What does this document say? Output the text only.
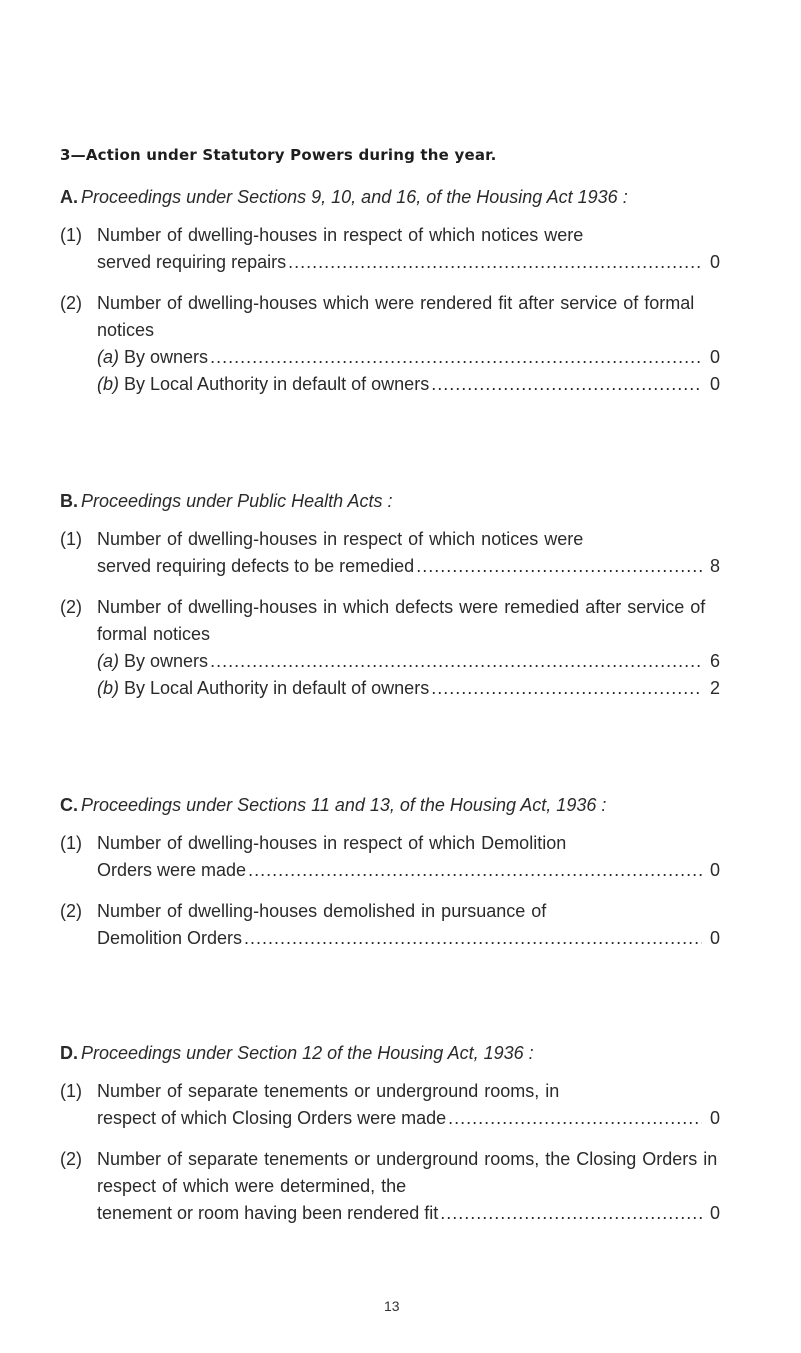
3—Action under Statutory Powers during the year.
A. Proceedings under Sections 9, 10, and 16, of the Housing Act 1936 :
(1) Number of dwelling-houses in respect of which notices were
served requiring repairs .....	0
(2) Number of dwelling-houses which were rendered fit after service of formal notices
(a) By owners .....	0
(b) By Local Authority in default of owners .....	0
B. Proceedings under Public Health Acts :
(1) Number of dwelling-houses in respect of which notices were
served requiring defects to be remedied .....	8
(2) Number of dwelling-houses in which defects were remedied after service of formal notices
(a) By owners .....	6
(b) By Local Authority in default of owners .....	2
C. Proceedings under Sections 11 and 13, of the Housing Act, 1936 :
(1) Number of dwelling-houses in respect of which Demolition
Orders were made .....	0
(2) Number of dwelling-houses demolished in pursuance of
Demolition Orders .....	0
D. Proceedings under Section 12 of the Housing Act, 1936 :
(1) Number of separate tenements or underground rooms, in
respect of which Closing Orders were made .....	0
(2) Number of separate tenements or underground rooms, the Closing Orders in respect of which were determined, the
tenement or room having been rendered fit .....	0
13
